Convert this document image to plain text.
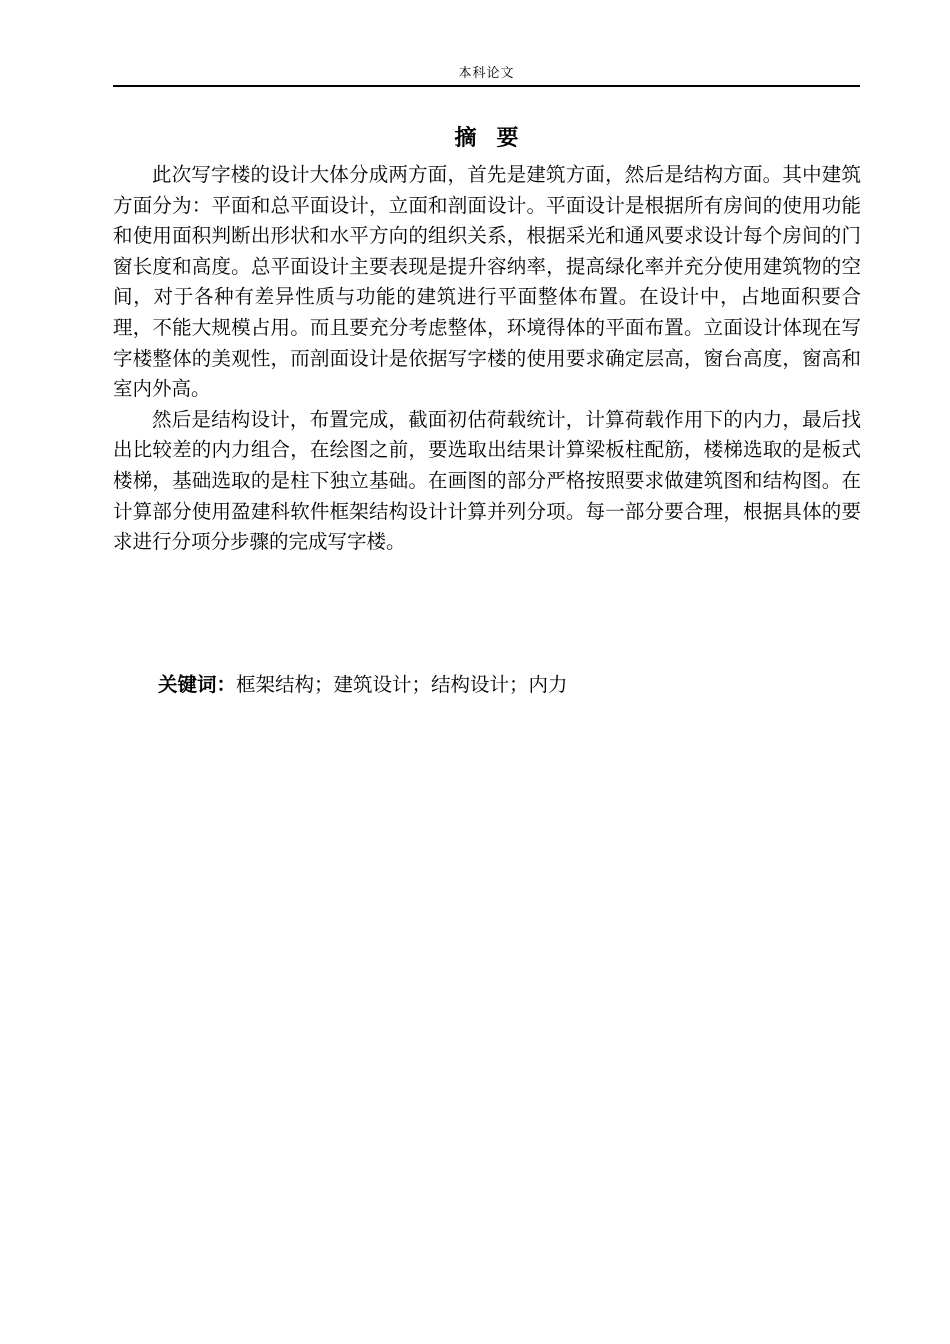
本科论文
摘要

此次写字楼的设计大体分成两方面，首先是建筑方面，然后是结构方面。其中建筑方面分为：平面和总平面设计，立面和剖面设计。平面设计是根据所有房间的使用功能和使用面积判断出形状和水平方向的组织关系，根据采光和通风要求设计每个房间的门窗长度和高度。总平面设计主要表现是提升容纳率，提高绿化率并充分使用建筑物的空间，对于各种有差异性质与功能的建筑进行平面整体布置。在设计中，占地面积要合理，不能大规模占用。而且要充分考虑整体，环境得体的平面布置。立面设计体现在写字楼整体的美观性，而剖面设计是依据写字楼的使用要求确定层高，窗台高度，窗高和室内外高。

然后是结构设计，布置完成，截面初估荷载统计，计算荷载作用下的内力，最后找出比较差的内力组合，在绘图之前，要选取出结果计算梁板柱配筋，楼梯选取的是板式楼梯，基础选取的是柱下独立基础。在画图的部分严格按照要求做建筑图和结构图。在计算部分使用盈建科软件框架结构设计计算并列分项。每一部分要合理，根据具体的要求进行分项分步骤的完成写字楼。

关键词：框架结构；建筑设计；结构设计；内力
